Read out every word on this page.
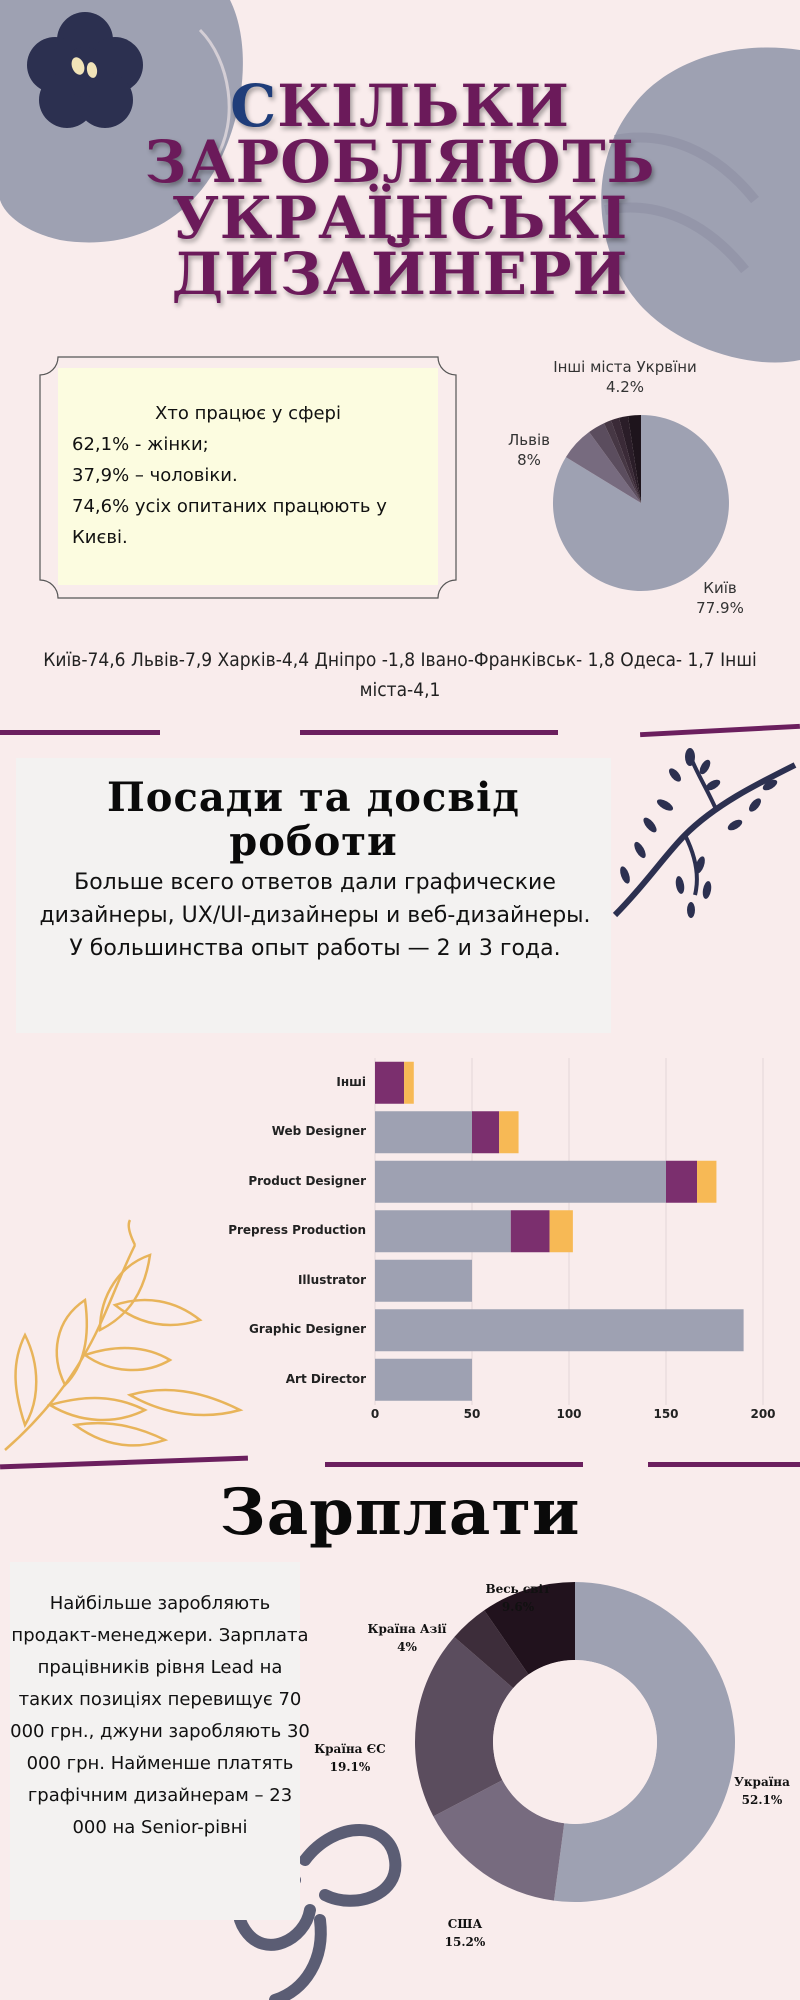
СКІЛЬКИ
ЗАРОБЛЯЮТЬ
УКРАЇНСЬКІ
ДИЗАЙНЕРИ
Хто працює у сфері
62,1% - жінки;
37,9% – чоловіки.
74,6% усіх опитаних працюють у Києві.
Інші міста Укрвїни
4.2%
Львів
8%
Київ
77.9%
Київ-74,6 Львів-7,9 Харків-4,4 Дніпро -1,8 Івано-Франківськ- 1,8 Одеса- 1,7 Інші міста-4,1
Посади та досвід
роботи
Больше всего ответов дали графические дизайнеры, UX/UI-дизайнеры и веб-дизайнеры. У большинства опыт работы — 2 и 3 года.
Зарплати
Найбільше заробляють продакт-менеджери. Зарплата працівників рівня Lead на таких позиціях перевищує 70 000 грн., джуни заробляють 30 000 грн. Найменше платять графічним дизайнерам – 23 000 на Senior-рівні
Весь світ
9.6%
Країна Азії
4%
Країна ЄС
19.1%
США
15.2%
Україна
52.1%
0	50	100	150	200
Інші
Web Designer
Product Designer
Prepress Production
Illustrator
Graphic Designer
Art Director
